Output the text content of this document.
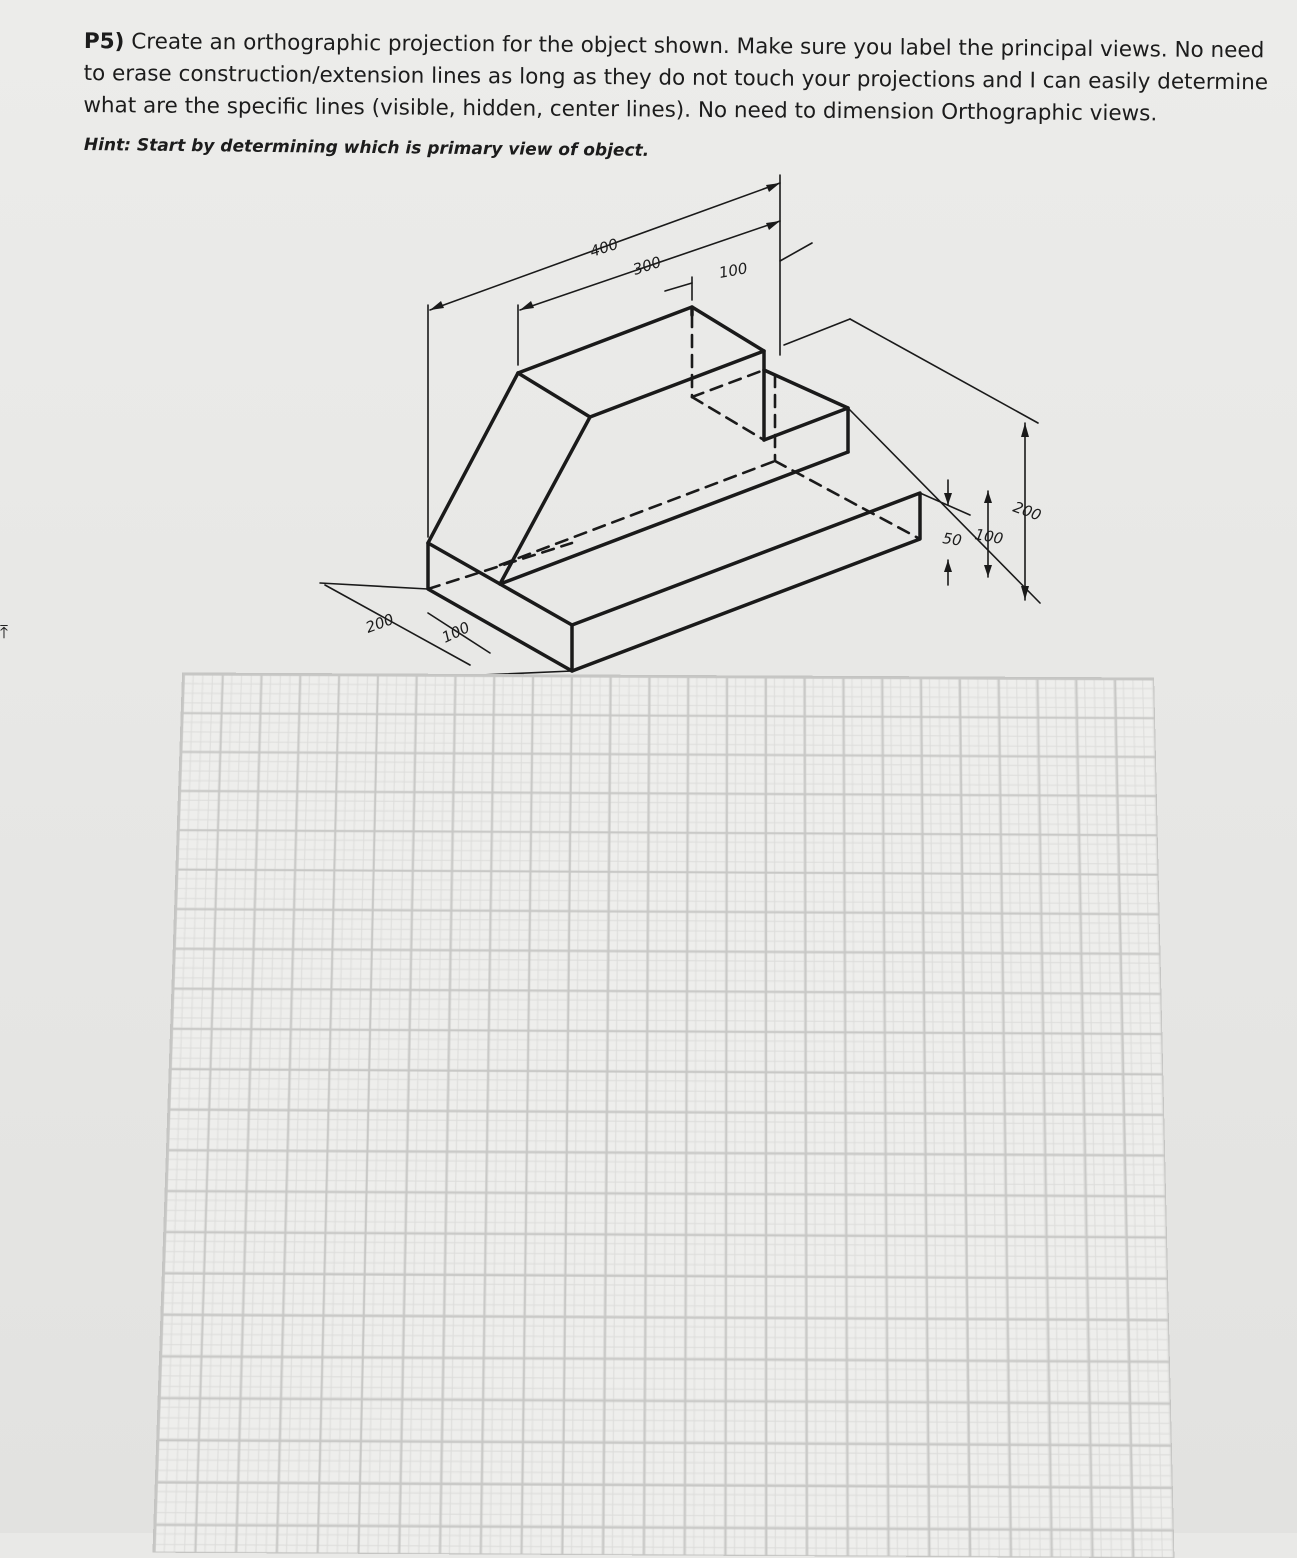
P5) Create an orthographic projection for the object shown. Make sure you label the principal views. No need to erase construction/extension lines as long as they do not touch your projections and I can easily determine what are the specific lines (visible, hidden, center lines). No need to dimension Orthographic views.
Hint: Start by determining which is primary view of object.
400
300	100
200	100
50 100
200
⤒
